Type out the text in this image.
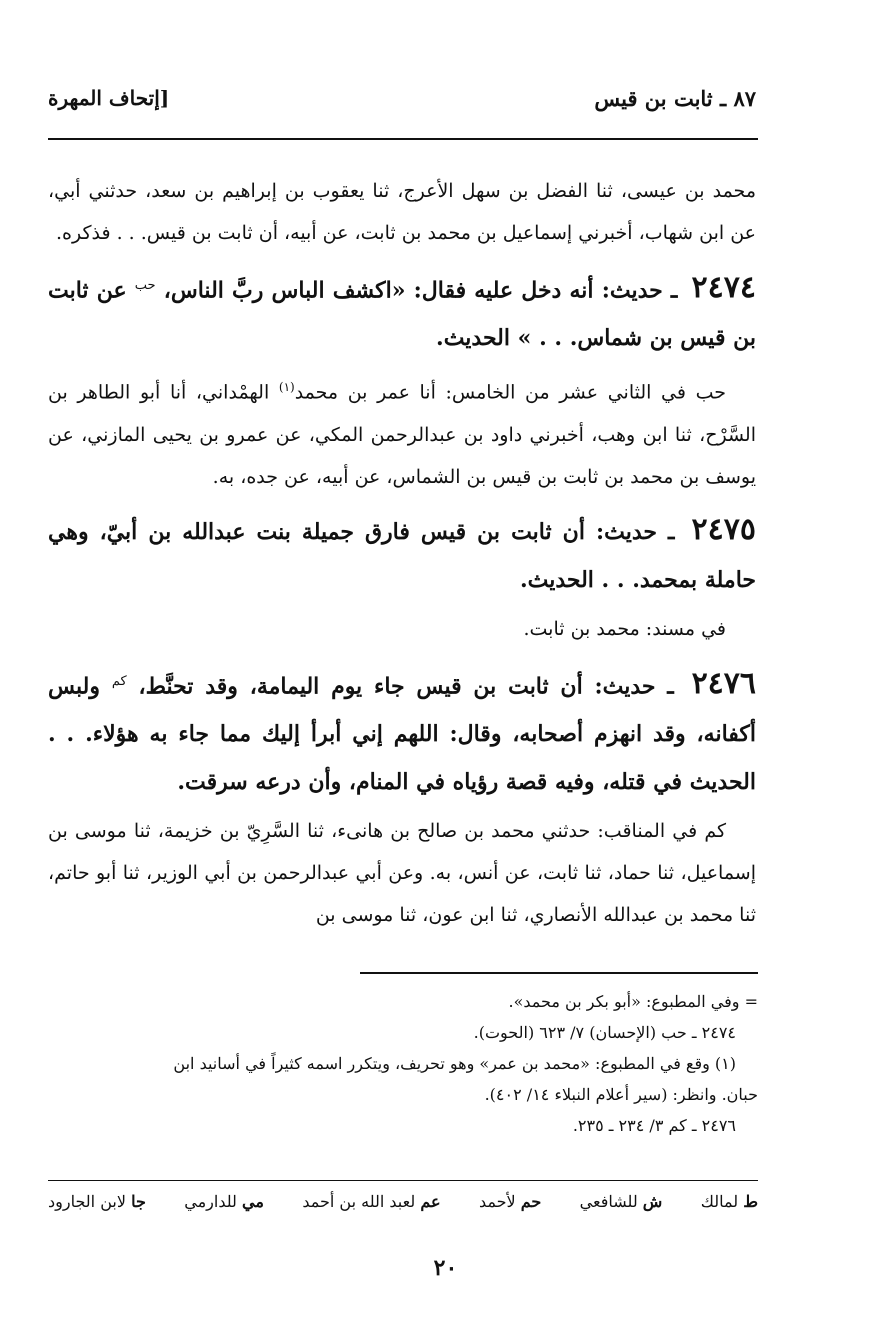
٨٧ ـ ثابت بن قيس
[إتحاف المهرة

محمد بن عيسى، ثنا الفضل بن سهل الأعرج، ثنا يعقوب بن إبراهيم بن سعد، حدثني أبي، عن ابن شهاب، أخبرني إسماعيل بن محمد بن ثابت، عن أبيه، أن ثابت بن قيس. . . فذكره.

٢٤٧٤ ـ حديث: أنه دخل عليه فقال: «اكشف الباس ربَّ الناس، $^{حب}$ عن ثابت بن قيس بن شماس. . . » الحديث.

حب في الثاني عشر من الخامس: أنا عمر بن محمد$^{(١)}$ الهمْداني، أنا أبو الطاهر بن السَّرْح، ثنا ابن وهب، أخبرني داود بن عبدالرحمن المكي، عن عمرو بن يحيى المازني، عن يوسف بن محمد بن ثابت بن قيس بن الشماس، عن أبيه، عن جده، به.

٢٤٧٥ ـ حديث: أن ثابت بن قيس فارق جميلة بنت عبدالله بن أبيّ، وهي حاملة بمحمد. . . الحديث.

في مسند: محمد بن ثابت.

٢٤٧٦ ـ حديث: أن ثابت بن قيس جاء يوم اليمامة، وقد تحنَّط، $^{كم}$ ولبس أكفانه، وقد انهزم أصحابه، وقال: اللهم إني أبرأ إليك مما جاء به هؤلاء. . . الحديث في قتله، وفيه قصة رؤياه في المنام، وأن درعه سرقت.

كم في المناقب: حدثني محمد بن صالح بن هانىء، ثنا السَّرِيّ بن خزيمة، ثنا موسى بن إسماعيل، ثنا حماد، ثنا ثابت، عن أنس، به. وعن أبي عبدالرحمن بن أبي الوزير، ثنا أبو حاتم، ثنا محمد بن عبدالله الأنصاري، ثنا ابن عون، ثنا موسى بن

= وفي المطبوع: «أبو بكر بن محمد».

٢٤٧٤ ـ حب (الإحسان) ٧/ ٦٢٣ (الحوت).

(١) وقع في المطبوع: «محمد بن عمر» وهو تحريف، ويتكرر اسمه كثيراً في أسانيد ابن

حبان. وانظر: (سير أعلام النبلاء ١٤/ ٤٠٢).

٢٤٧٦ ـ كم ٣/ ٢٣٤ ـ ٢٣٥.

ط لمالك
ش للشافعي
حم لأحمد
عم لعبد الله بن أحمد
مي للدارمي
جا لابن الجارود
٢٠
